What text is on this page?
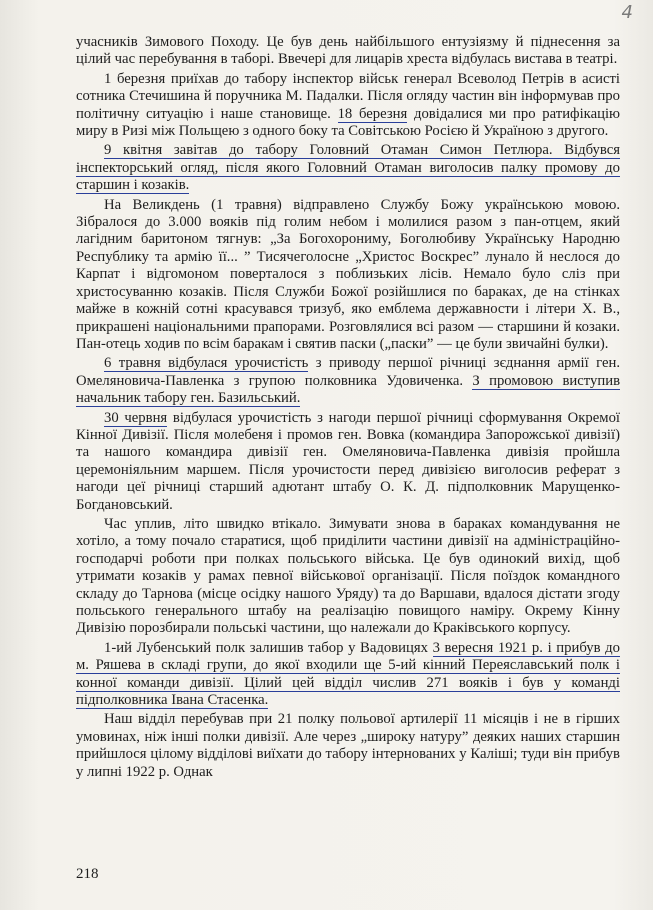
4

учасників Зимового Походу. Це був день найбільшого ентузіязму й піднесення за цілий час перебування в таборі. Ввечері для лицарів хреста відбулась вистава в театрі.

1 березня приїхав до табору інспектор військ генерал Всеволод Петрів в асисті сотника Стечишина й поручника М. Падалки. Після огляду частин він інформував про політичну ситуацію і наше становище. 18 березня довідалися ми про ратифікацію миру в Ризі між Польщею з одного боку та Совітською Росією й Україною з другого.

9 квітня завітав до табору Головний Отаман Симон Петлюра. Відбувся інспекторський огляд, після якого Головний Отаман виголосив палку промову до старшин і козаків.

На Великдень (1 травня) відправлено Службу Божу українською мовою. Зібралося до 3.000 вояків під голим небом і молилися разом з пан-отцем, який лагідним баритоном тягнув: „За Богохоронимy, Боголюбиву Українську Народню Республику та армію її... ” Тисячеголосне „Христос Воскрес” лунало й неслося до Карпат і відгомоном поверталося з поблизьких лісів. Немало було сліз при христосуванню козаків. Після Служби Божої розійшлися по бараках, де на стінках майже в кожній сотні красувався тризуб, яко емблема державности і літери Х. В., прикрашені національними прапорами. Розговлялися всі разом — старшини й козаки. Пан-отець ходив по всім баракам і святив паски („паски” — це були звичайні булки).

6 травня відбулася урочистість з приводу першої річниці зєднання армії ген. Омеляновича-Павленка з групою полковника Удовиченка. З промовою виступив начальник табору ген. Базильський.

30 червня відбулася урочистість з нагоди першої річниці сформування Окремої Кінної Дивізії. Після молебеня і промов ген. Вовка (командира Запорожської дивізії) та нашого командира дивізії ген. Омеляновича-Павленка дивізія пройшла церемоніяльним маршем. Після урочистости перед дивізією виголосив реферат з нагоди цеї річниці старший адютант штабу О. К. Д. підполковник Марущенко-Богдановський.

Час уплив, літо швидко втікало. Зимувати знова в бараках командування не хотіло, а тому почало старатися, щоб приділити частини дивізії на адміністраційно-господарчі роботи при полках польського війська. Це був одинокий вихід, щоб утримати козаків у рамах певної військової організації. Після поїздок командного складу до Тарнова (місце осідку нашого Уряду) та до Варшави, вдалося дістати згоду польського генерального штабу на реалізацію повищого наміру. Окрему Кінну Дивізію порозбирали польські частини, що належали до Краківського корпусу.

1-ий Лубенський полк залишив табор у Вадовицях 3 вересня 1921 р. і прибув до м. Ряшева в складі групи, до якої входили ще 5-ий кінний Переяславський полк і конної команди дивізії. Цілий цей відділ числив 271 вояків і був у команді підполковника Івана Стасенка.

Наш відділ перебував при 21 полку польової артилерії 11 місяців і не в гірших умовинах, ніж інші полки дивізії. Але через „широку натуру” деяких наших старшин прийшлося цілому відділові виїхати до табору інтернованих у Каліші; туди він прибув у липні 1922 р. Однак

218
